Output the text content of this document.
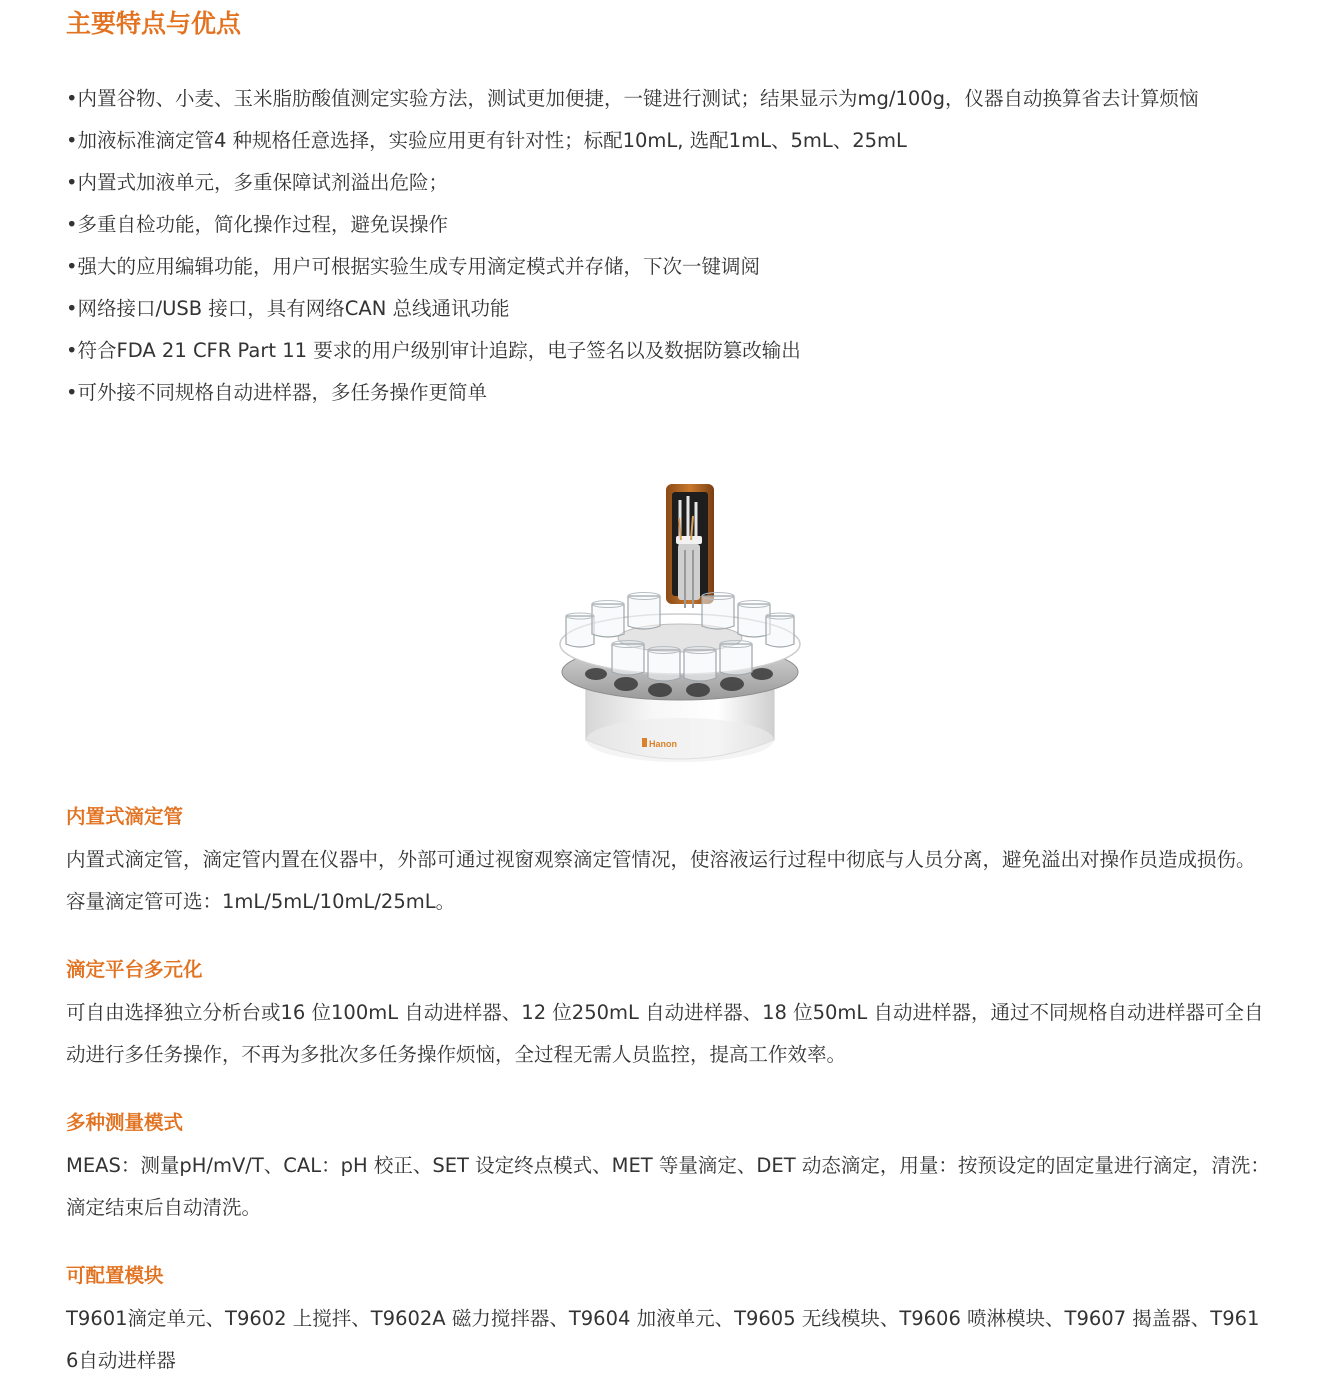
主要特点与优点
•内置谷物、小麦、玉米脂肪酸值测定实验方法，测试更加便捷，一键进行测试；结果显示为mg/100g，仪器自动换算省去计算烦恼
•加液标准滴定管4 种规格任意选择，实验应用更有针对性；标配10mL, 选配1mL、5mL、25mL
•内置式加液单元，多重保障试剂溢出危险；
•多重自检功能，简化操作过程，避免误操作
•强大的应用编辑功能，用户可根据实验生成专用滴定模式并存储，下次一键调阅
•网络接口/USB 接口，具有网络CAN 总线通讯功能
•符合FDA 21 CFR Part 11 要求的用户级别审计追踪，电子签名以及数据防篡改输出
•可外接不同规格自动进样器，多任务操作更简单
Hanon
内置式滴定管

内置式滴定管，滴定管内置在仪器中，外部可通过视窗观察滴定管情况，使溶液运行过程中彻底与人员分离，避免溢出对操作员造成损伤。容量滴定管可选：1mL/5mL/10mL/25mL。

滴定平台多元化

可自由选择独立分析台或16 位100mL 自动进样器、12 位250mL 自动进样器、18 位50mL 自动进样器，通过不同规格自动进样器可全自动进行多任务操作，不再为多批次多任务操作烦恼，全过程无需人员监控，提高工作效率。

多种测量模式

MEAS：测量pH/mV/T、CAL：pH 校正、SET 设定终点模式、MET 等量滴定、DET 动态滴定，用量：按预设定的固定量进行滴定，清洗：滴定结束后自动清洗。

可配置模块

T9601滴定单元、T9602 上搅拌、T9602A 磁力搅拌器、T9604 加液单元、T9605 无线模块、T9606 喷淋模块、T9607 揭盖器、T9616自动进样器
